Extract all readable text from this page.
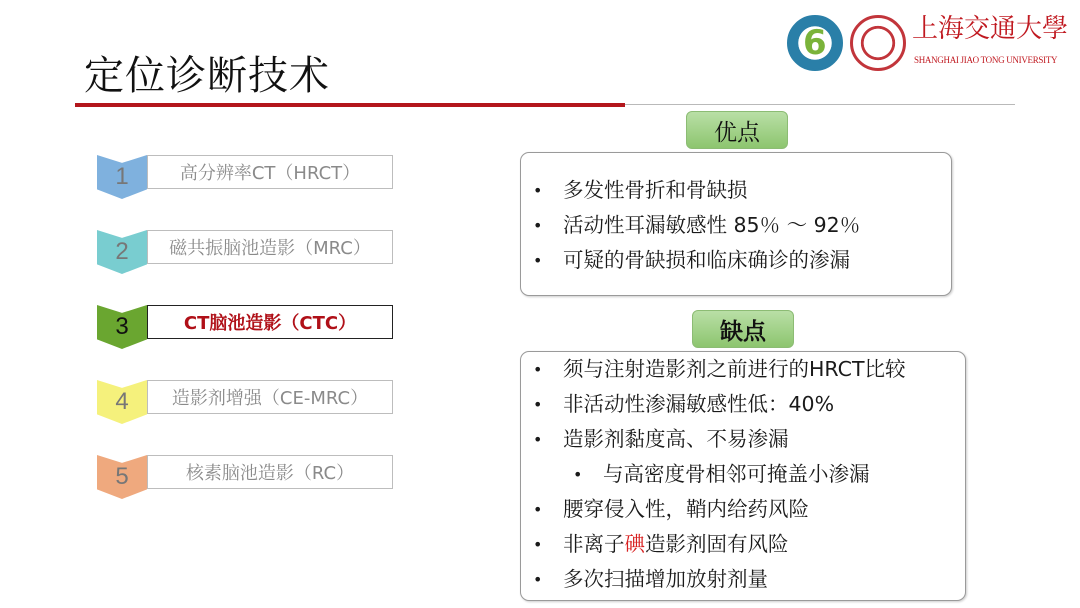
定位诊断技术
6	上海交通大學
SHANGHAI JIAO TONG UNIVERSITY
1	高分辨率CT（HRCT）
2	磁共振脑池造影（MRC）
3	CT脑池造影（CTC）
4	造影剂增强（CE-MRC）
5	核素脑池造影（RC）
优点
• 多发性骨折和骨缺损
• 活动性耳漏敏感性 85％ ～ 92％
• 可疑的骨缺损和临床确诊的渗漏
缺点
• 须与注射造影剂之前进行的HRCT比较
• 非活动性渗漏敏感性低：40%
• 造影剂黏度高、不易渗漏
• 与高密度骨相邻可掩盖小渗漏
• 腰穿侵入性，鞘内给药风险
• 非离子碘造影剂固有风险
• 多次扫描增加放射剂量
